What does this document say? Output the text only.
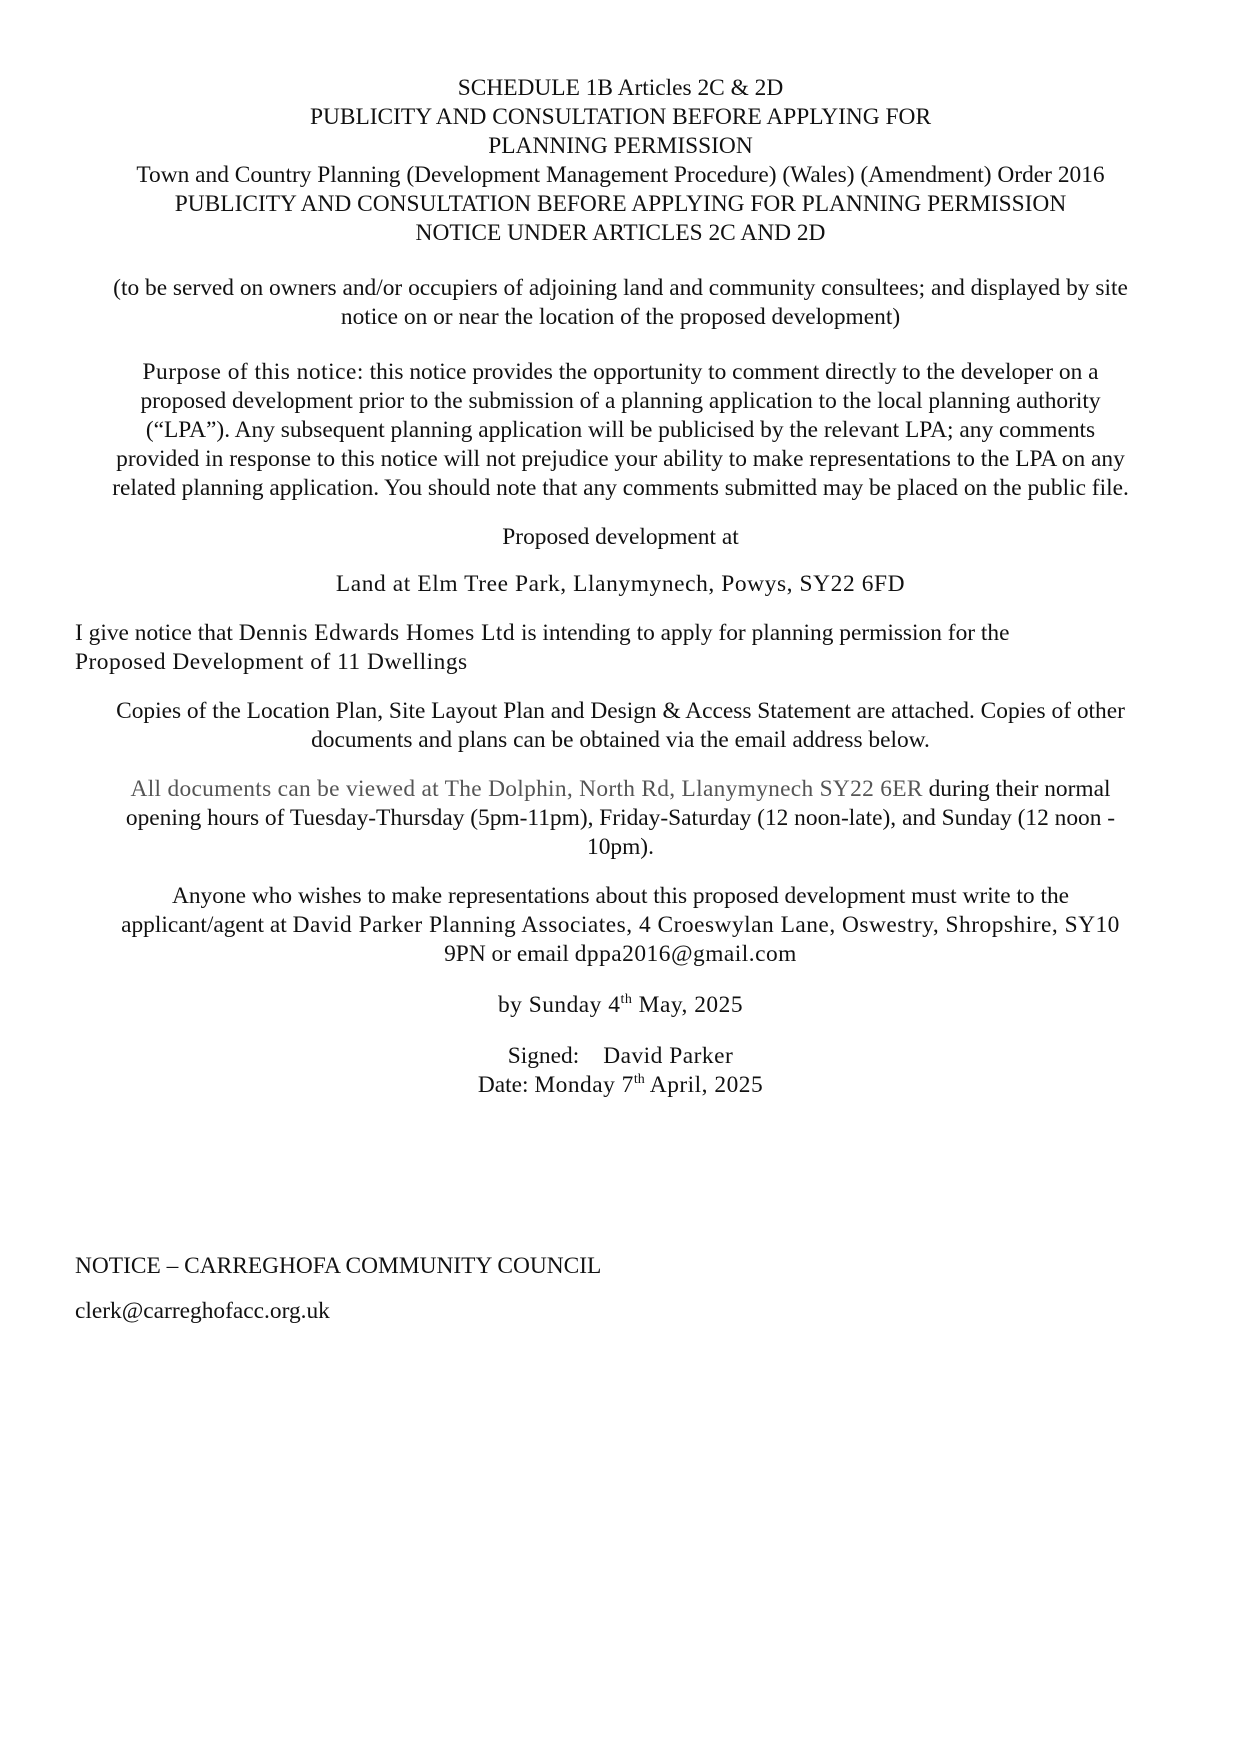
SCHEDULE 1B Articles 2C & 2D
PUBLICITY AND CONSULTATION BEFORE APPLYING FOR
PLANNING PERMISSION
Town and Country Planning (Development Management Procedure) (Wales) (Amendment) Order 2016
PUBLICITY AND CONSULTATION BEFORE APPLYING FOR PLANNING PERMISSION
NOTICE UNDER ARTICLES 2C AND 2D
(to be served on owners and/or occupiers of adjoining land and community consultees; and displayed by site
notice on or near the location of the proposed development)
Purpose of this notice: this notice provides the opportunity to comment directly to the developer on a
proposed development prior to the submission of a planning application to the local planning authority
(“LPA”). Any subsequent planning application will be publicised by the relevant LPA; any comments
provided in response to this notice will not prejudice your ability to make representations to the LPA on any
related planning application. You should note that any comments submitted may be placed on the public file.
Proposed development at
Land at Elm Tree Park, Llanymynech, Powys, SY22 6FD
I give notice that Dennis Edwards Homes Ltd is intending to apply for planning permission for the
Proposed Development of 11 Dwellings
Copies of the Location Plan, Site Layout Plan and Design & Access Statement are attached. Copies of other
documents and plans can be obtained via the email address below.
All documents can be viewed at The Dolphin, North Rd, Llanymynech SY22 6ER during their normal
opening hours of Tuesday-Thursday (5pm-11pm), Friday-Saturday (12 noon-late), and Sunday (12 noon -
10pm).
Anyone who wishes to make representations about this proposed development must write to the
applicant/agent at David Parker Planning Associates, 4 Croeswylan Lane, Oswestry, Shropshire, SY10
9PN or email dppa2016@gmail.com
by Sunday 4th May, 2025
Signed: David Parker
Date: Monday 7th April, 2025
NOTICE – CARREGHOFA COMMUNITY COUNCIL
clerk@carreghofacc.org.uk
